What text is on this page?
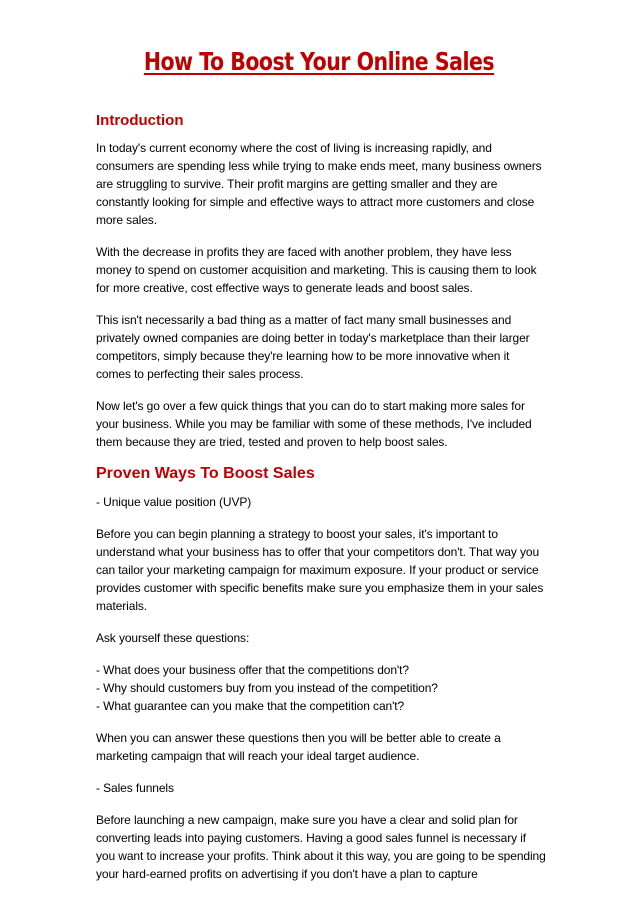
How To Boost Your Online Sales
Introduction

In today's current economy where the cost of living is increasing rapidly, and consumers are spending less while trying to make ends meet, many business owners are struggling to survive. Their profit margins are getting smaller and they are constantly looking for simple and effective ways to attract more customers and close more sales.

With the decrease in profits they are faced with another problem, they have less money to spend on customer acquisition and marketing. This is causing them to look for more creative, cost effective ways to generate leads and boost sales.

This isn't necessarily a bad thing as a matter of fact many small businesses and privately owned companies are doing better in today's marketplace than their larger competitors, simply because they're learning how to be more innovative when it comes to perfecting their sales process.

Now let's go over a few quick things that you can do to start making more sales for your business. While you may be familiar with some of these methods, I've included them because they are tried, tested and proven to help boost sales.

Proven Ways To Boost Sales

- Unique value position (UVP)

Before you can begin planning a strategy to boost your sales, it's important to understand what your business has to offer that your competitors don't. That way you can tailor your marketing campaign for maximum exposure. If your product or service provides customer with specific benefits make sure you emphasize them in your sales materials.

Ask yourself these questions:

- What does your business offer that the competitions don't?

- Why should customers buy from you instead of the competition?

- What guarantee can you make that the competition can't?

When you can answer these questions then you will be better able to create a marketing campaign that will reach your ideal target audience.

- Sales funnels

Before launching a new campaign, make sure you have a clear and solid plan for converting leads into paying customers. Having a good sales funnel is necessary if you want to increase your profits. Think about it this way, you are going to be spending your hard-earned profits on advertising if you don't have a plan to capture
